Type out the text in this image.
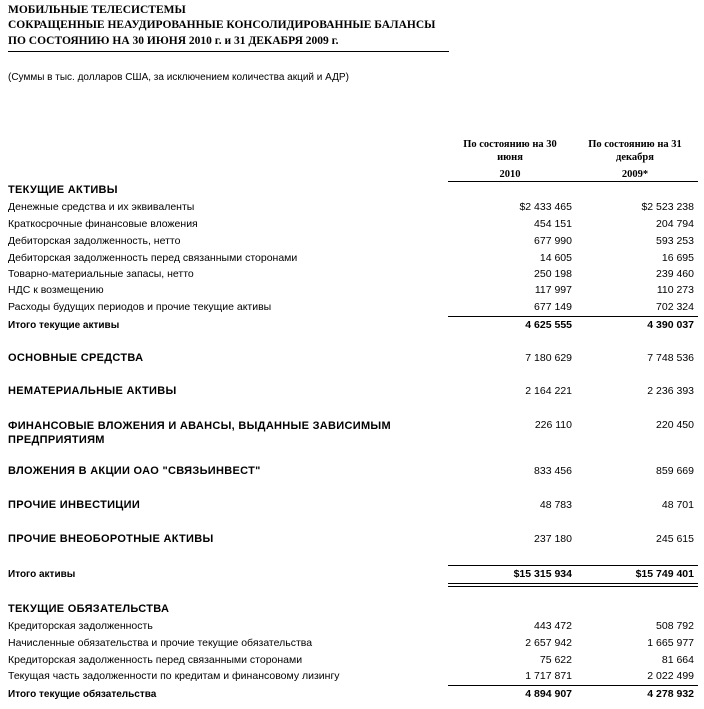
МОБИЛЬНЫЕ ТЕЛЕСИСТЕМЫ
СОКРАЩЕННЫЕ НЕАУДИРОВАННЫЕ КОНСОЛИДИРОВАННЫЕ БАЛАНСЫ
ПО СОСТОЯНИЮ НА 30 ИЮНЯ 2010 г. и 31 ДЕКАБРЯ 2009 г.
(Суммы в тыс. долларов США, за исключением количества акций и АДР)
По состоянию на 30
июня
2010
По состоянию на 31
декабря
2009*
ТЕКУЩИЕ АКТИВЫ
Денежные средства и их эквиваленты	$2 433 465	$2 523 238
Краткосрочные финансовые вложения	454 151	204 794
Дебиторская задолженность, нетто	677 990	593 253
Дебиторская задолженность перед связанными сторонами	14 605	16 695
Товарно-материальные запасы, нетто	250 198	239 460
НДС к возмещению	117 997	110 273
Расходы будущих периодов и прочие текущие активы	677 149	702 324
Итого текущие активы	4 625 555	4 390 037
ОСНОВНЫЕ СРЕДСТВА	7 180 629	7 748 536
НЕМАТЕРИАЛЬНЫЕ АКТИВЫ	2 164 221	2 236 393
ФИНАНСОВЫЕ ВЛОЖЕНИЯ И АВАНСЫ, ВЫДАННЫЕ ЗАВИСИМЫМ ПРЕДПРИЯТИЯМ
226 110	220 450
ВЛОЖЕНИЯ В АКЦИИ ОАО "СВЯЗЬИНВЕСТ"	833 456	859 669
ПРОЧИЕ ИНВЕСТИЦИИ	48 783	48 701
ПРОЧИЕ ВНЕОБОРОТНЫЕ АКТИВЫ	237 180	245 615
Итого активы	$15 315 934	$15 749 401
ТЕКУЩИЕ ОБЯЗАТЕЛЬСТВА
Кредиторская задолженность	443 472	508 792
Начисленные обязательства и прочие текущие обязательства	2 657 942	1 665 977
Кредиторская задолженность перед связанными сторонами	75 622	81 664
Текущая часть задолженности по кредитам и финансовому лизингу	1 717 871	2 022 499
Итого текущие обязательства	4 894 907	4 278 932
